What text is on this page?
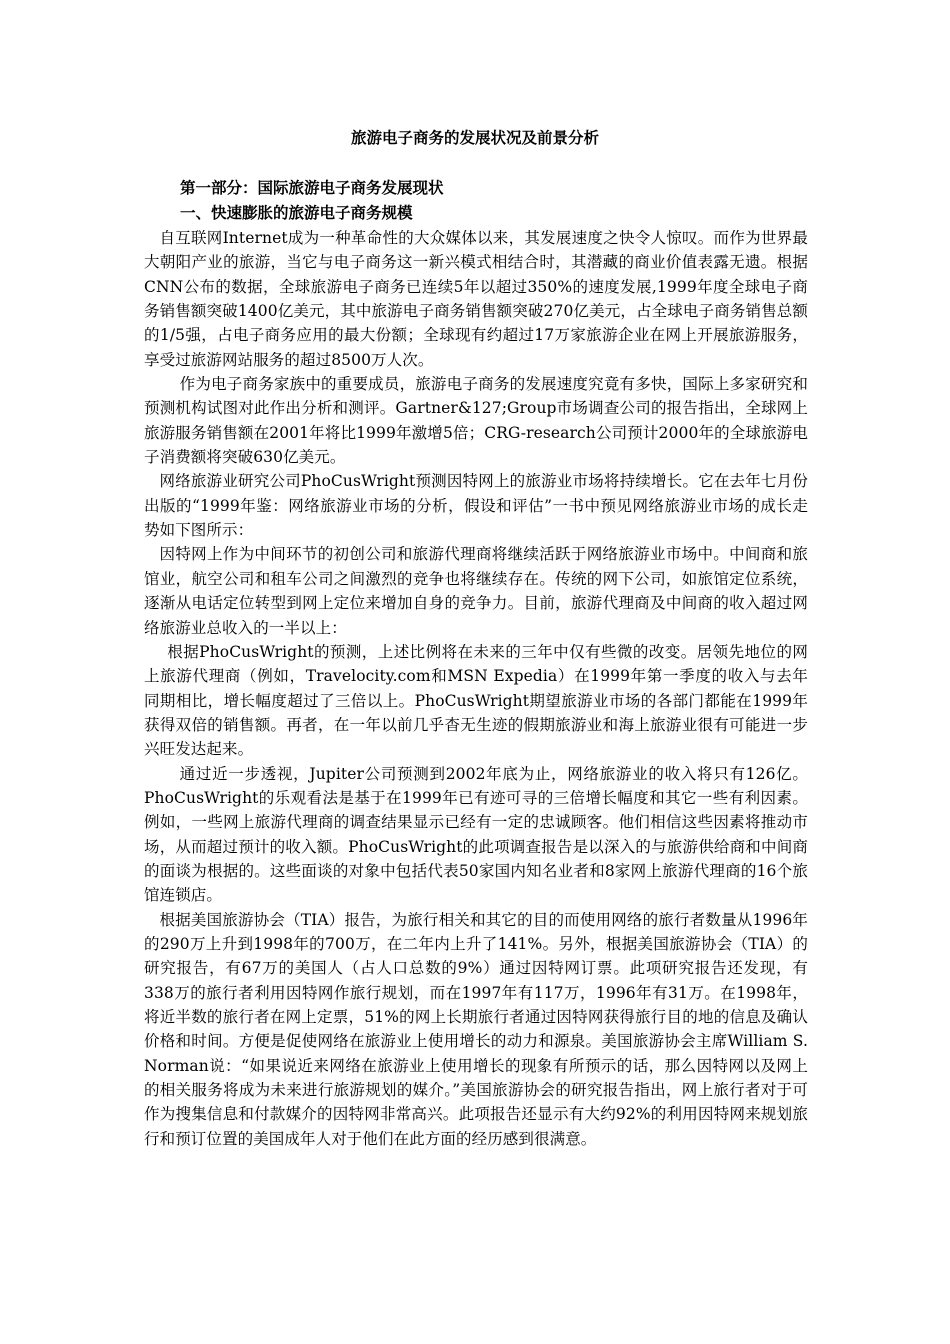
旅游电子商务的发展状况及前景分析
第一部分：国际旅游电子商务发展现状
一、快速膨胀的旅游电子商务规模

自互联网Internet成为一种革命性的大众媒体以来，其发展速度之快令人惊叹。而作为世界最大朝阳产业的旅游，当它与电子商务这一新兴模式相结合时，其潜藏的商业价值表露无遗。根据CNN公布的数据，全球旅游电子商务已连续5年以超过350%的速度发展,1999年度全球电子商务销售额突破1400亿美元，其中旅游电子商务销售额突破270亿美元，占全球电子商务销售总额的1/5强，占电子商务应用的最大份额；全球现有约超过17万家旅游企业在网上开展旅游服务，享受过旅游网站服务的超过8500万人次。

作为电子商务家族中的重要成员，旅游电子商务的发展速度究竟有多快，国际上多家研究和预测机构试图对此作出分析和测评。Gartner&127;Group市场调查公司的报告指出，全球网上旅游服务销售额在2001年将比1999年激增5倍；CRG-research公司预计2000年的全球旅游电子消费额将突破630亿美元。

网络旅游业研究公司PhoCusWright预测因特网上的旅游业市场将持续增长。它在去年七月份出版的“1999年鉴：网络旅游业市场的分析，假设和评估”一书中预见网络旅游业市场的成长走势如下图所示：

因特网上作为中间环节的初创公司和旅游代理商将继续活跃于网络旅游业市场中。中间商和旅馆业，航空公司和租车公司之间激烈的竞争也将继续存在。传统的网下公司，如旅馆定位系统，逐渐从电话定位转型到网上定位来增加自身的竞争力。目前，旅游代理商及中间商的收入超过网络旅游业总收入的一半以上：

根据PhoCusWright的预测，上述比例将在未来的三年中仅有些微的改变。居领先地位的网上旅游代理商（例如，Travelocity.com和MSN Expedia）在1999年第一季度的收入与去年同期相比，增长幅度超过了三倍以上。PhoCusWright期望旅游业市场的各部门都能在1999年获得双倍的销售额。再者，在一年以前几乎杳无生迹的假期旅游业和海上旅游业很有可能进一步兴旺发达起来。

通过近一步透视，Jupiter公司预测到2002年底为止，网络旅游业的收入将只有126亿。PhoCusWright的乐观看法是基于在1999年已有迹可寻的三倍增长幅度和其它一些有利因素。例如，一些网上旅游代理商的调查结果显示已经有一定的忠诚顾客。他们相信这些因素将推动市场，从而超过预计的收入额。PhoCusWright的此项调查报告是以深入的与旅游供给商和中间商的面谈为根据的。这些面谈的对象中包括代表50家国内知名业者和8家网上旅游代理商的16个旅馆连锁店。

根据美国旅游协会（TIA）报告，为旅行相关和其它的目的而使用网络的旅行者数量从1996年的290万上升到1998年的700万，在二年内上升了141%。另外，根据美国旅游协会（TIA）的研究报告，有67万的美国人（占人口总数的9%）通过因特网订票。此项研究报告还发现，有338万的旅行者利用因特网作旅行规划，而在1997年有117万，1996年有31万。在1998年，将近半数的旅行者在网上定票，51%的网上长期旅行者通过因特网获得旅行目的地的信息及确认价格和时间。方便是促使网络在旅游业上使用增长的动力和源泉。美国旅游协会主席William S. Norman说：“如果说近来网络在旅游业上使用增长的现象有所预示的话，那么因特网以及网上的相关服务将成为未来进行旅游规划的媒介。”美国旅游协会的研究报告指出，网上旅行者对于可作为搜集信息和付款媒介的因特网非常高兴。此项报告还显示有大约92%的利用因特网来规划旅行和预订位置的美国成年人对于他们在此方面的经历感到很满意。
